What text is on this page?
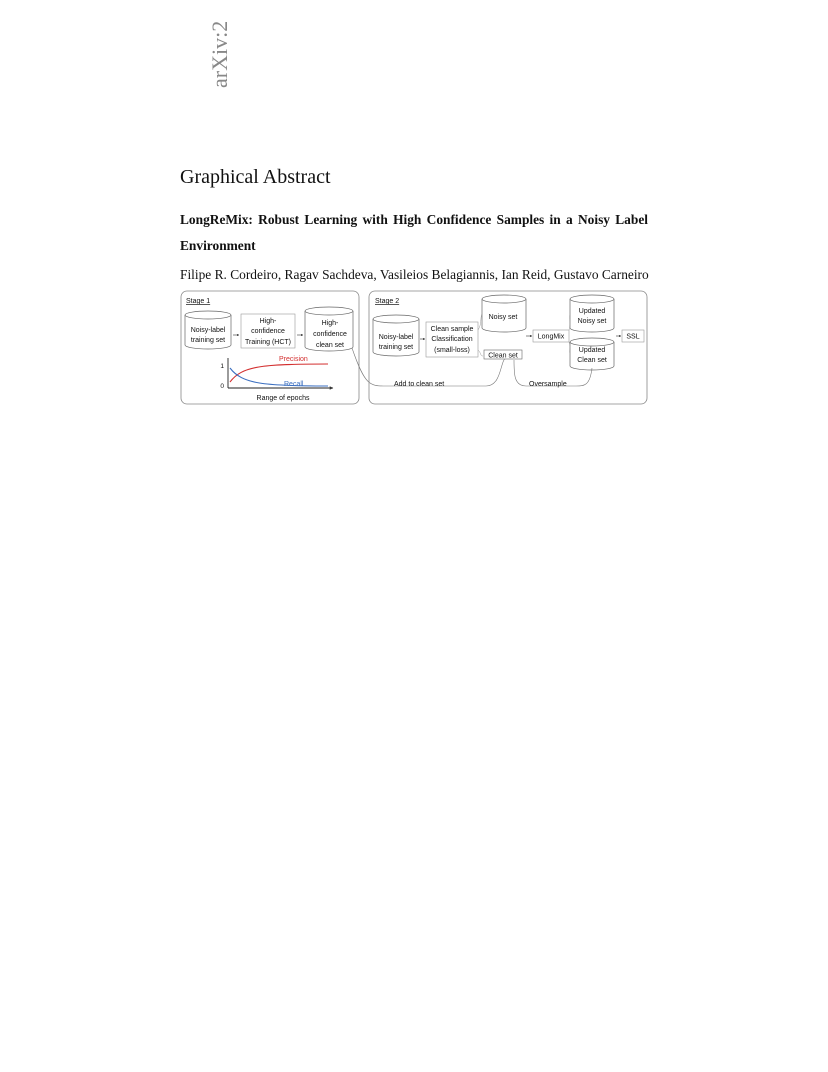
arXiv:2
Graphical Abstract
LongReMix: Robust Learning with High Confidence Samples in a Noisy Label Environment
Filipe R. Cordeiro, Ragav Sachdeva, Vasileios Belagiannis, Ian Reid, Gustavo Carneiro
Stage 1
Noisy-label
training set
High-
confidence
Training (HCT)
High-
confidence
clean set
1
0
Precision
Recall
Range of epochs
Stage 2
Noisy-label
training set
Clean sample
Classification
(small-loss)
Noisy set
Clean set
LongMix
Updated
Noisy set
Updated
Clean set
SSL
Add to clean set	Oversample
